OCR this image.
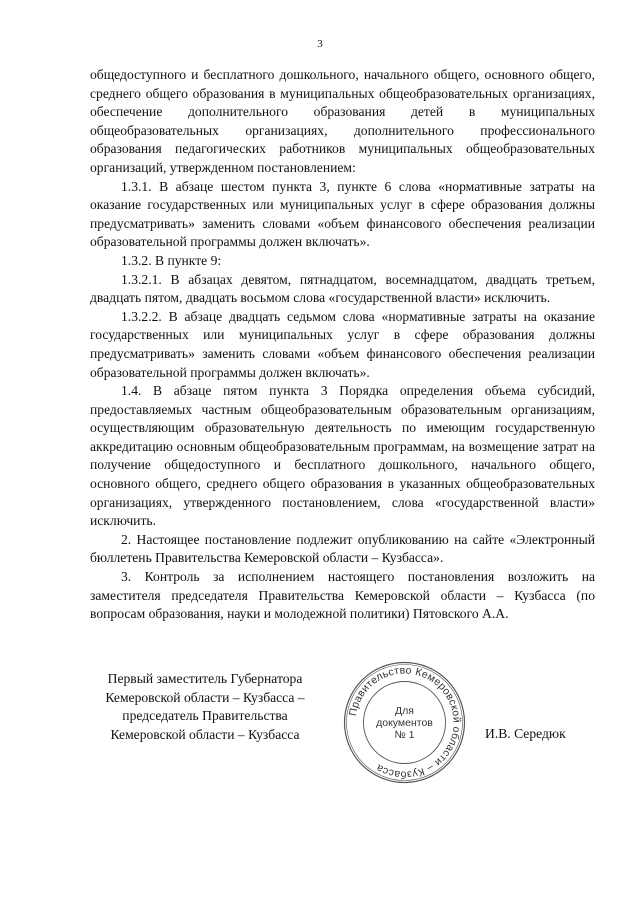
3

общедоступного и бесплатного дошкольного, начального общего, основного общего, среднего общего образования в муниципальных общеобразовательных организациях, обеспечение дополнительного образования детей в муниципальных общеобразовательных организациях, дополнительного профессионального образования педагогических работников муниципальных общеобразовательных организаций, утвержденном постановлением:

1.3.1. В абзаце шестом пункта 3, пункте 6 слова «нормативные затраты на оказание государственных или муниципальных услуг в сфере образования должны предусматривать» заменить словами «объем финансового обеспечения реализации образовательной программы должен включать».

1.3.2. В пункте 9:

1.3.2.1. В абзацах девятом, пятнадцатом, восемнадцатом, двадцать третьем, двадцать пятом, двадцать восьмом слова «государственной власти» исключить.

1.3.2.2. В абзаце двадцать седьмом слова «нормативные затраты на оказание государственных или муниципальных услуг в сфере образования должны предусматривать» заменить словами «объем финансового обеспечения реализации образовательной программы должен включать».

1.4. В абзаце пятом пункта 3 Порядка определения объема субсидий, предоставляемых частным общеобразовательным образовательным организациям, осуществляющим образовательную деятельность по имеющим государственную аккредитацию основным общеобразовательным программам, на возмещение затрат на получение общедоступного и бесплатного дошкольного, начального общего, основного общего, среднего общего образования в указанных общеобразовательных организациях, утвержденного постановлением, слова «государственной власти» исключить.

2. Настоящее постановление подлежит опубликованию на сайте «Электронный бюллетень Правительства Кемеровской области – Кузбасса».

3. Контроль за исполнением настоящего постановления возложить на заместителя председателя Правительства Кемеровской области – Кузбасса (по вопросам образования, науки и молодежной политики) Пятовского А.А.

Первый заместитель Губернатора
Кемеровской области – Кузбасса –
председатель Правительства
Кемеровской области – Кузбасса
Правительство Кемеровской области – Кузбасса
Для
документов
№ 1	И.В. Середюк
